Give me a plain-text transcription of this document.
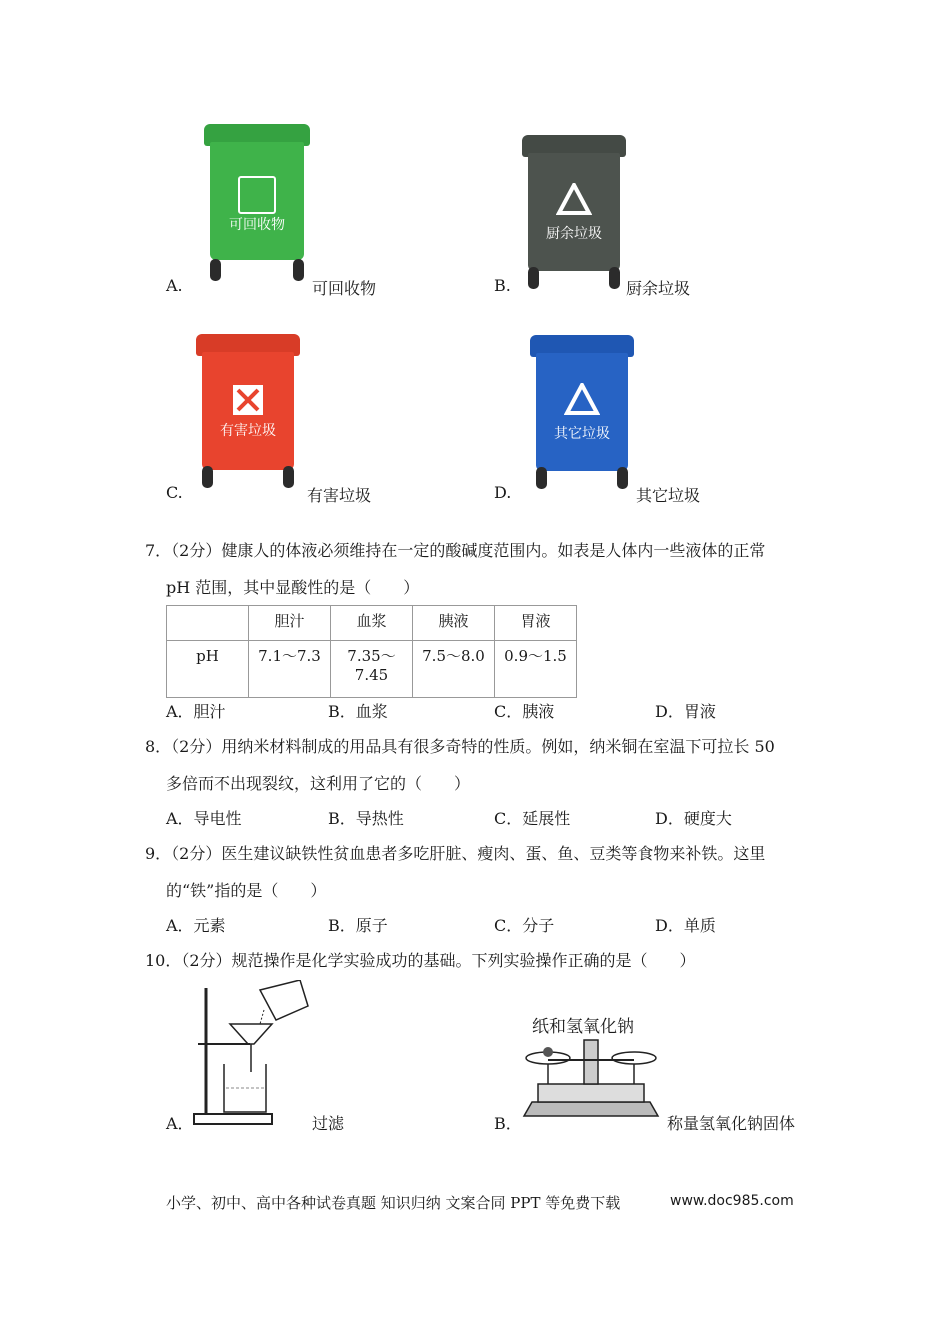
可回收物
A.	可回收物
厨余垃圾
B.	厨余垃圾
有害垃圾
C.	有害垃圾
其它垃圾
D.	其它垃圾
7．（2分）健康人的体液必须维持在一定的酸碱度范围内。如表是人体内一些液体的正常
pH 范围，其中显酸性的是（　　）
	胆汁	血浆	胰液	胃液
pH	7.1～7.3	7.35～
7.45	7.5～8.0	0.9～1.5
A．胆汁	B．血浆	C．胰液	D．胃液
8．（2分）用纳米材料制成的用品具有很多奇特的性质。例如，纳米铜在室温下可拉长 50
多倍而不出现裂纹，这利用了它的（　　）
A．导电性	B．导热性	C．延展性	D．硬度大
9．（2分）医生建议缺铁性贫血患者多吃肝脏、瘦肉、蛋、鱼、豆类等食物来补铁。这里
的“铁”指的是（　　）
A．元素	B．原子	C．分子	D．单质
10．（2分）规范操作是化学实验成功的基础。下列实验操作正确的是（　　）
A．	过滤
纸和氢氧化钠
B．	称量氢氧化钠固体
小学、初中、高中各种试卷真题 知识归纳 文案合同 PPT 等免费下载	www.doc985.com
